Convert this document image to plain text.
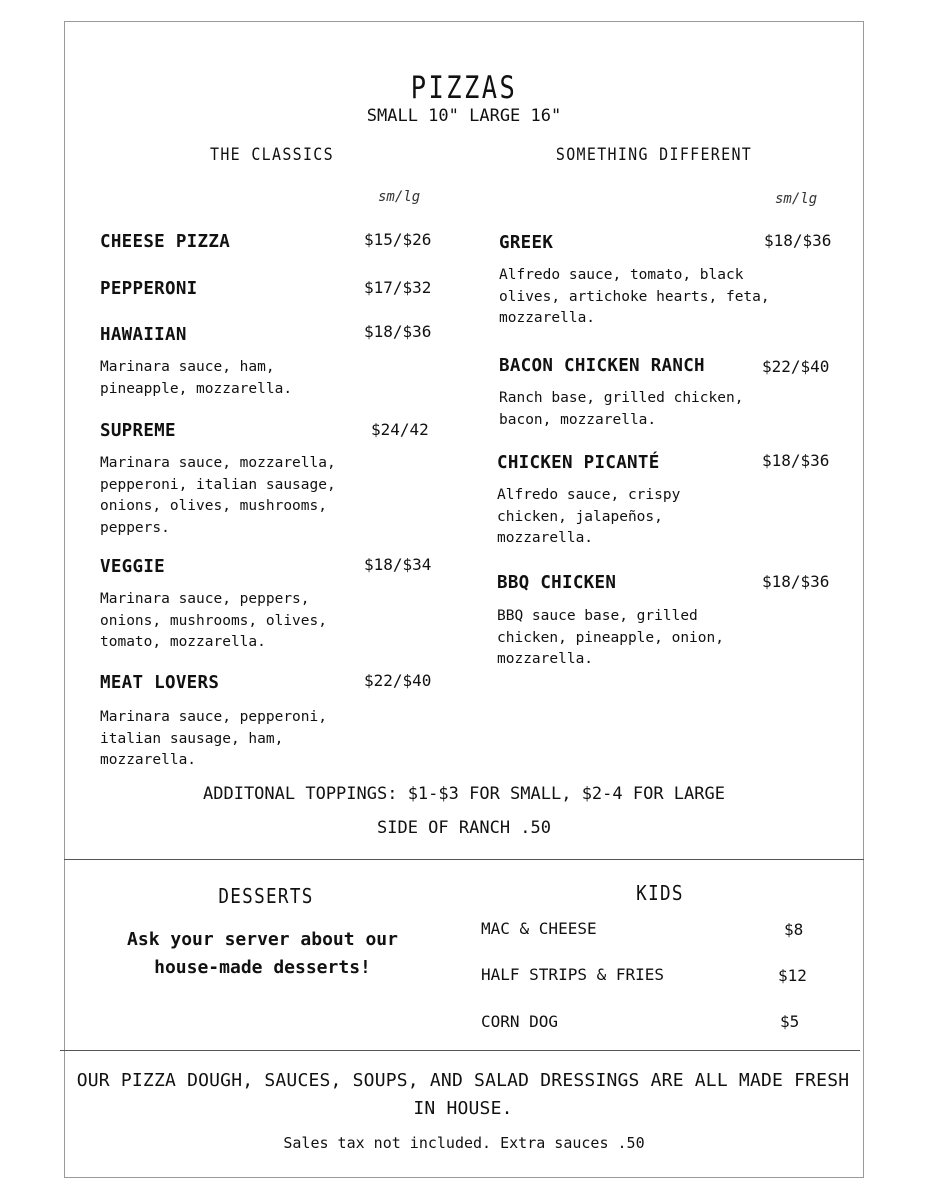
PIZZAS
SMALL 10" LARGE 16"
THE CLASSICS	SOMETHING DIFFERENT
sm/lg	sm/lg
CHEESE PIZZA	$15/$26
PEPPERONI	$17/$32
HAWAIIAN	$18/$36
Marinara sauce, ham, pineapple, mozzarella.
SUPREME	$24/42
Marinara sauce, mozzarella, pepperoni, italian sausage, onions, olives, mushrooms, peppers.
VEGGIE	$18/$34
Marinara sauce, peppers, onions, mushrooms, olives, tomato, mozzarella.
MEAT LOVERS	$22/$40
Marinara sauce, pepperoni, italian sausage, ham, mozzarella.
GREEK	$18/$36
Alfredo sauce, tomato, black olives, artichoke hearts, feta, mozzarella.
BACON CHICKEN RANCH	$22/$40
Ranch base, grilled chicken, bacon, mozzarella.
CHICKEN PICANTÉ	$18/$36
Alfredo sauce, crispy chicken, jalapeños, mozzarella.
BBQ CHICKEN	$18/$36
BBQ sauce base, grilled chicken, pineapple, onion, mozzarella.
ADDITONAL TOPPINGS: $1-$3 FOR SMALL, $2-4 FOR LARGE
SIDE OF RANCH .50
DESSERTS
Ask your server about our house-made desserts!
KIDS
MAC & CHEESE	$8
HALF STRIPS & FRIES	$12
CORN DOG	$5
OUR PIZZA DOUGH, SAUCES, SOUPS, AND SALAD DRESSINGS ARE ALL MADE FRESH IN HOUSE.
Sales tax not included. Extra sauces .50
